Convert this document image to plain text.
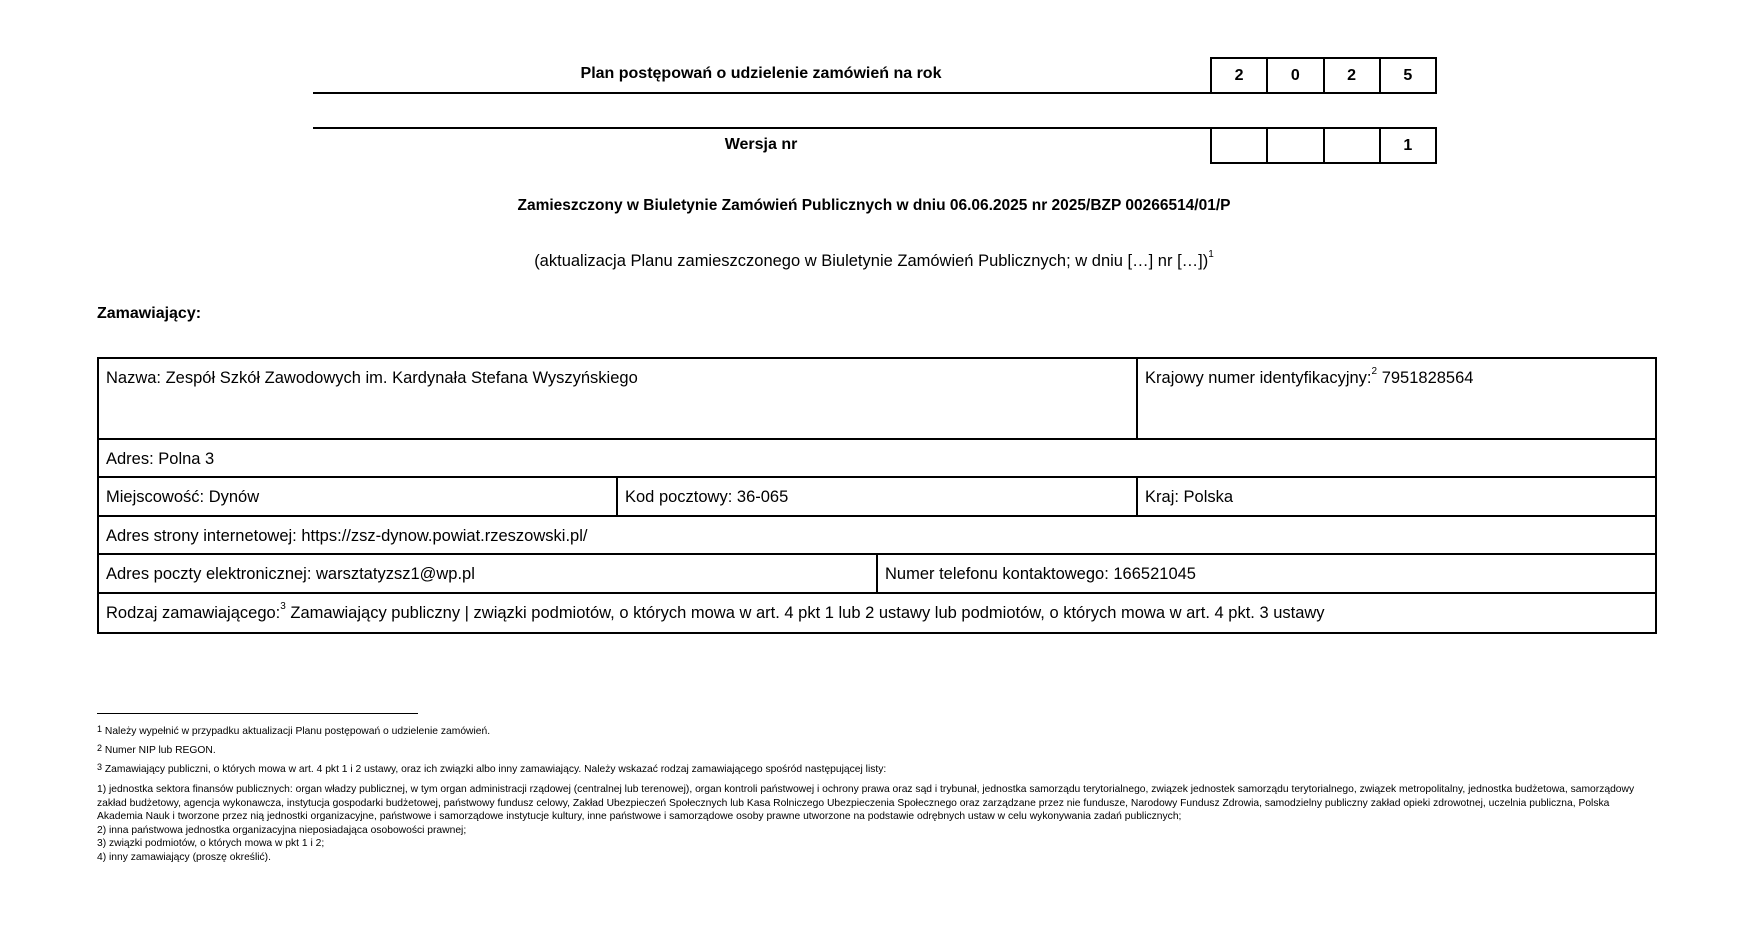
Plan postępowań o udzielenie zamówień na rok	2	0	2	5
Wersja nr	1
Zamieszczony w Biuletynie Zamówień Publicznych w dniu 06.06.2025 nr 2025/BZP 00266514/01/P
(aktualizacja Planu zamieszczonego w Biuletynie Zamówień Publicznych; w dniu […] nr […])$^1$
Zamawiający:
Nazwa: Zespół Szkół Zawodowych im. Kardynała Stefana Wyszyńskiego			Krajowy numer identyfikacyjny:$^2$ 7951828564
Adres: Polna 3			
Miejscowość: Dynów	Kod pocztowy: 36-065		Kraj: Polska
Adres strony internetowej: https://zsz-dynow.powiat.rzeszowski.pl/			
Adres poczty elektronicznej: warsztatyzsz1@wp.pl		Numer telefonu kontaktowego: 166521045	
Rodzaj zamawiającego:$^3$ Zamawiający publiczny | związki podmiotów, o których mowa w art. 4 pkt 1 lub 2 ustawy lub podmiotów, o których mowa w art. 4 pkt. 3 ustawy			
$^1$ Należy wypełnić w przypadku aktualizacji Planu postępowań o udzielenie zamówień.
$^2$ Numer NIP lub REGON.
$^3$ Zamawiający publiczni, o których mowa w art. 4 pkt 1 i 2 ustawy, oraz ich związki albo inny zamawiający. Należy wskazać rodzaj zamawiającego spośród następującej listy:
1) jednostka sektora finansów publicznych: organ władzy publicznej, w tym organ administracji rządowej (centralnej lub terenowej), organ kontroli państwowej i ochrony prawa oraz sąd i trybunał, jednostka samorządu terytorialnego, związek jednostek samorządu terytorialnego, związek metropolitalny, jednostka budżetowa, samorządowy zakład budżetowy, agencja wykonawcza, instytucja gospodarki budżetowej, państwowy fundusz celowy, Zakład Ubezpieczeń Społecznych lub Kasa Rolniczego Ubezpieczenia Społecznego oraz zarządzane przez nie fundusze, Narodowy Fundusz Zdrowia, samodzielny publiczny zakład opieki zdrowotnej, uczelnia publiczna, Polska Akademia Nauk i tworzone przez nią jednostki organizacyjne, państwowe i samorządowe instytucje kultury, inne państwowe i samorządowe osoby prawne utworzone na podstawie odrębnych ustaw w celu wykonywania zadań publicznych;
2) inna państwowa jednostka organizacyjna nieposiadająca osobowości prawnej;
3) związki podmiotów, o których mowa w pkt 1 i 2;
4) inny zamawiający (proszę określić).
